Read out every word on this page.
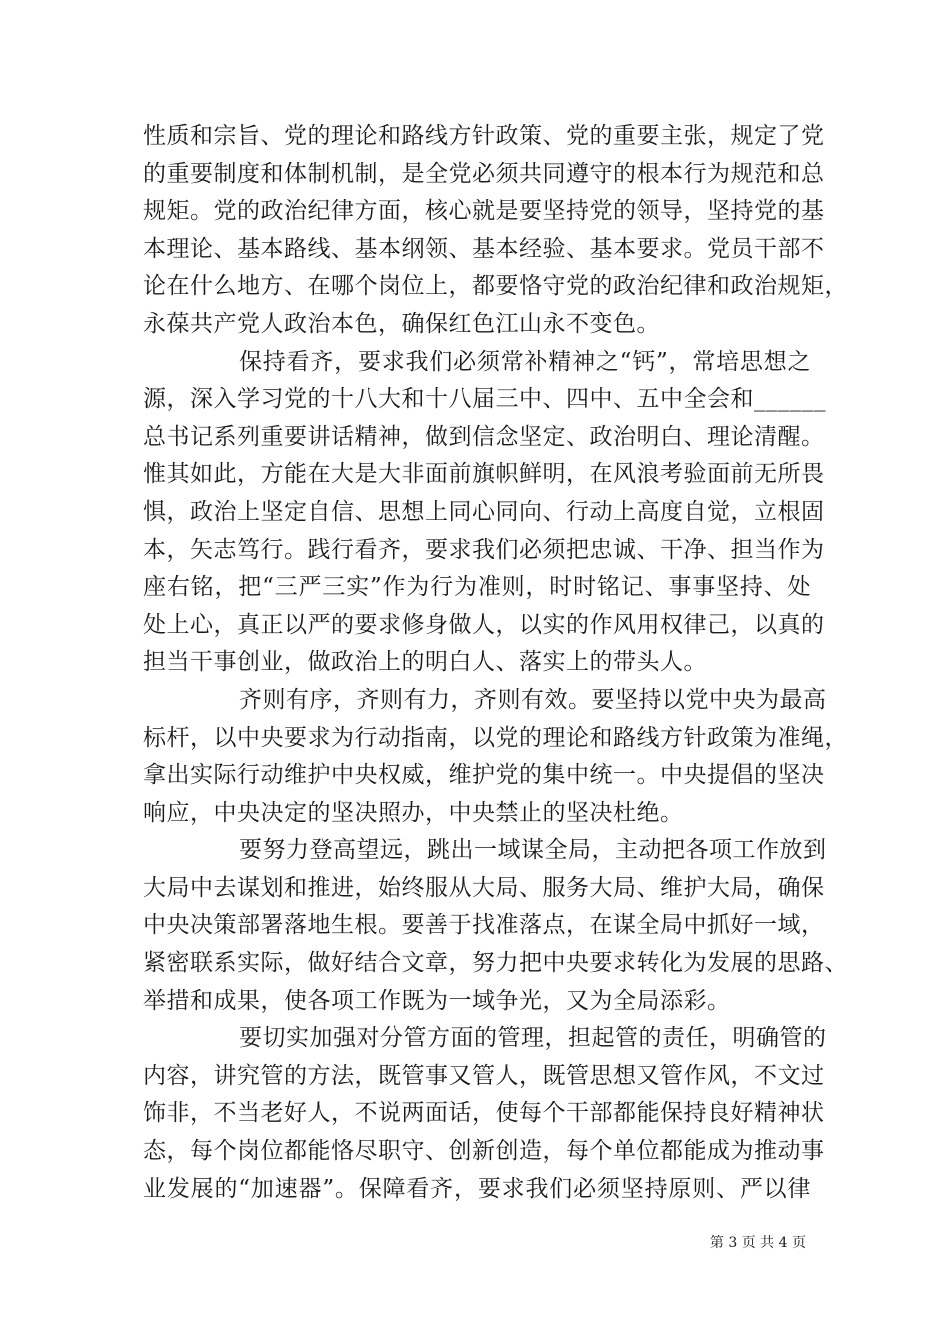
性质和宗旨、党的理论和路线方针政策、党的重要主张，规定了党
的重要制度和体制机制，是全党必须共同遵守的根本行为规范和总
规矩。党的政治纪律方面，核心就是要坚持党的领导，坚持党的基
本理论、基本路线、基本纲领、基本经验、基本要求。党员干部不
论在什么地方、在哪个岗位上，都要恪守党的政治纪律和政治规矩，
永葆共产党人政治本色，确保红色江山永不变色。
保持看齐，要求我们必须常补精神之“钙”，常培思想之
源，深入学习党的十八大和十八届三中、四中、五中全会和______
总书记系列重要讲话精神，做到信念坚定、政治明白、理论清醒。
惟其如此，方能在大是大非面前旗帜鲜明，在风浪考验面前无所畏
惧，政治上坚定自信、思想上同心同向、行动上高度自觉，立根固
本，矢志笃行。践行看齐，要求我们必须把忠诚、干净、担当作为
座右铭，把“三严三实”作为行为准则，时时铭记、事事坚持、处
处上心，真正以严的要求修身做人，以实的作风用权律己，以真的
担当干事创业，做政治上的明白人、落实上的带头人。
齐则有序，齐则有力，齐则有效。要坚持以党中央为最高
标杆，以中央要求为行动指南，以党的理论和路线方针政策为准绳，
拿出实际行动维护中央权威，维护党的集中统一。中央提倡的坚决
响应，中央决定的坚决照办，中央禁止的坚决杜绝。
要努力登高望远，跳出一域谋全局，主动把各项工作放到
大局中去谋划和推进，始终服从大局、服务大局、维护大局，确保
中央决策部署落地生根。要善于找准落点，在谋全局中抓好一域，
紧密联系实际，做好结合文章，努力把中央要求转化为发展的思路、
举措和成果，使各项工作既为一域争光，又为全局添彩。
要切实加强对分管方面的管理，担起管的责任，明确管的
内容，讲究管的方法，既管事又管人，既管思想又管作风，不文过
饰非，不当老好人，不说两面话，使每个干部都能保持良好精神状
态，每个岗位都能恪尽职守、创新创造，每个单位都能成为推动事
业发展的“加速器”。保障看齐，要求我们必须坚持原则、严以律
第 3 页 共 4 页
